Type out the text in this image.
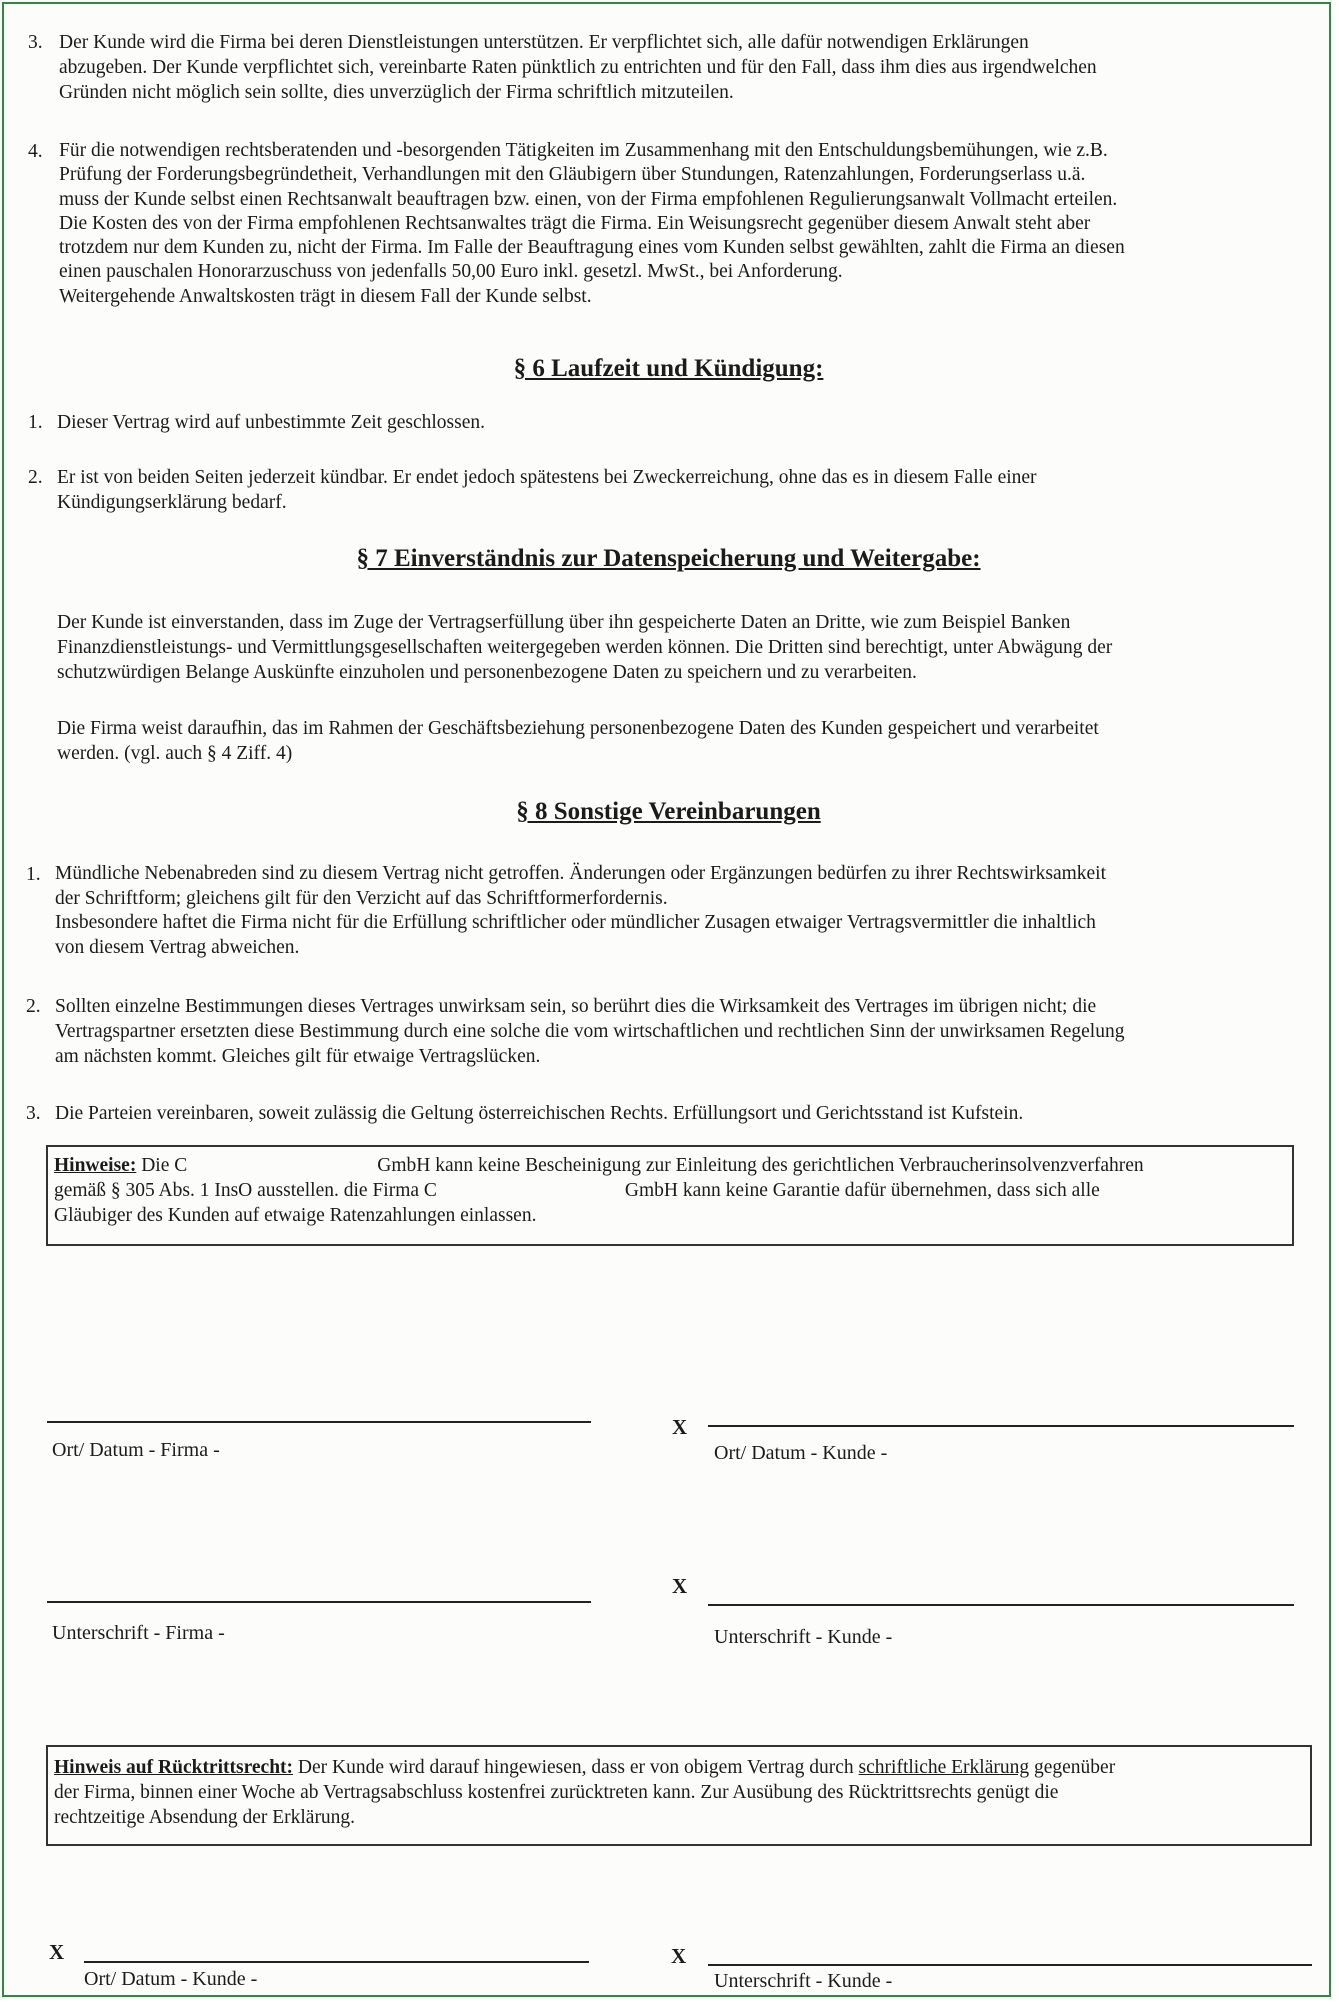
3. Der Kunde wird die Firma bei deren Dienstleistungen unterstützen. Er verpflichtet sich, alle dafür notwendigen Erklärungen
abzugeben. Der Kunde verpflichtet sich, vereinbarte Raten pünktlich zu entrichten und für den Fall, dass ihm dies aus irgendwelchen
Gründen nicht möglich sein sollte, dies unverzüglich der Firma schriftlich mitzuteilen.
4. Für die notwendigen rechtsberatenden und -besorgenden Tätigkeiten im Zusammenhang mit den Entschuldungsbemühungen, wie z.B.
Prüfung der Forderungsbegründetheit, Verhandlungen mit den Gläubigern über Stundungen, Ratenzahlungen, Forderungserlass u.ä.
muss der Kunde selbst einen Rechtsanwalt beauftragen bzw. einen, von der Firma empfohlenen Regulierungsanwalt Vollmacht erteilen.
Die Kosten des von der Firma empfohlenen Rechtsanwaltes trägt die Firma. Ein Weisungsrecht gegenüber diesem Anwalt steht aber
trotzdem nur dem Kunden zu, nicht der Firma. Im Falle der Beauftragung eines vom Kunden selbst gewählten, zahlt die Firma an diesen
einen pauschalen Honorarzuschuss von jedenfalls 50,00 Euro inkl. gesetzl. MwSt., bei Anforderung.
Weitergehende Anwaltskosten trägt in diesem Fall der Kunde selbst.
§ 6 Laufzeit und Kündigung:
1. Dieser Vertrag wird auf unbestimmte Zeit geschlossen.
2. Er ist von beiden Seiten jederzeit kündbar. Er endet jedoch spätestens bei Zweckerreichung, ohne das es in diesem Falle einer
Kündigungserklärung bedarf.
§ 7 Einverständnis zur Datenspeicherung und Weitergabe:
Der Kunde ist einverstanden, dass im Zuge der Vertragserfüllung über ihn gespeicherte Daten an Dritte, wie zum Beispiel Banken
Finanzdienstleistungs- und Vermittlungsgesellschaften weitergegeben werden können. Die Dritten sind berechtigt, unter Abwägung der
schutzwürdigen Belange Auskünfte einzuholen und personenbezogene Daten zu speichern und zu verarbeiten.
Die Firma weist daraufhin, das im Rahmen der Geschäftsbeziehung personenbezogene Daten des Kunden gespeichert und verarbeitet
werden. (vgl. auch § 4 Ziff. 4)
§ 8 Sonstige Vereinbarungen
1. Mündliche Nebenabreden sind zu diesem Vertrag nicht getroffen. Änderungen oder Ergänzungen bedürfen zu ihrer Rechtswirksamkeit
der Schriftform; gleichens gilt für den Verzicht auf das Schriftformerfordernis.
Insbesondere haftet die Firma nicht für die Erfüllung schriftlicher oder mündlicher Zusagen etwaiger Vertragsvermittler die inhaltlich
von diesem Vertrag abweichen.
2. Sollten einzelne Bestimmungen dieses Vertrages unwirksam sein, so berührt dies die Wirksamkeit des Vertrages im übrigen nicht; die
Vertragspartner ersetzten diese Bestimmung durch eine solche die vom wirtschaftlichen und rechtlichen Sinn der unwirksamen Regelung
am nächsten kommt. Gleiches gilt für etwaige Vertragslücken.
3. Die Parteien vereinbaren, soweit zulässig die Geltung österreichischen Rechts. Erfüllungsort und Gerichtsstand ist Kufstein.
Hinweise: Die C	GmbH kann keine Bescheinigung zur Einleitung des gerichtlichen Verbraucherinsolvenzverfahren
gemäß § 305 Abs. 1 InsO ausstellen. die Firma C	GmbH kann keine Garantie dafür übernehmen, dass sich alle
Gläubiger des Kunden auf etwaige Ratenzahlungen einlassen.
Ort/ Datum - Firma -
X
Ort/ Datum - Kunde -
Unterschrift - Firma -
X
Unterschrift - Kunde -
Hinweis auf Rücktrittsrecht: Der Kunde wird darauf hingewiesen, dass er von obigem Vertrag durch schriftliche Erklärung gegenüber
der Firma, binnen einer Woche ab Vertragsabschluss kostenfrei zurücktreten kann. Zur Ausübung des Rücktrittsrechts genügt die
rechtzeitige Absendung der Erklärung.
X
Ort/ Datum - Kunde -
X
Unterschrift - Kunde -
